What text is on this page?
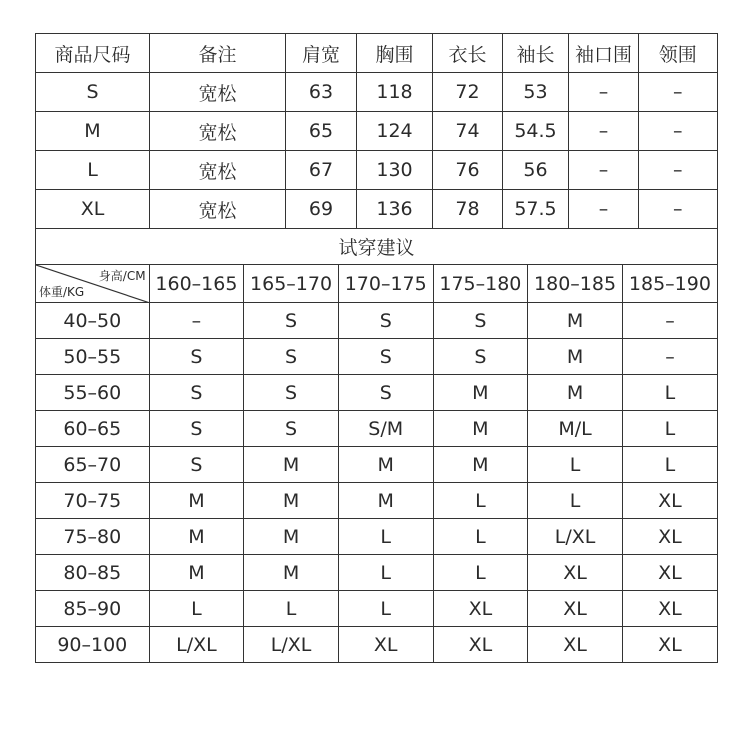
商品尺码	备注	肩宽	胸围	衣长	袖长	袖口围	领围
S	宽松	63	118	72	53	–	–
M	宽松	65	124	74	54.5	–	–
L	宽松	67	130	76	56	–	–
XL	宽松	69	136	78	57.5	–	–
试穿建议
身高/CM
体重/KG	160–165 165–170 170–175 175–180 180–185 185–190
40–50	–	S	S	S	M	–
50–55	S	S	S	S	M	–
55–60	S	S	S	M	M	L
60–65	S	S	S/M	M	M/L	L
65–70	S	M	M	M	L	L
70–75	M	M	M	L	L	XL
75–80	M	M	L	L	L/XL	XL
80–85	M	M	L	L	XL	XL
85–90	L	L	L	XL	XL	XL
90–100	L/XL	L/XL	XL	XL	XL	XL
